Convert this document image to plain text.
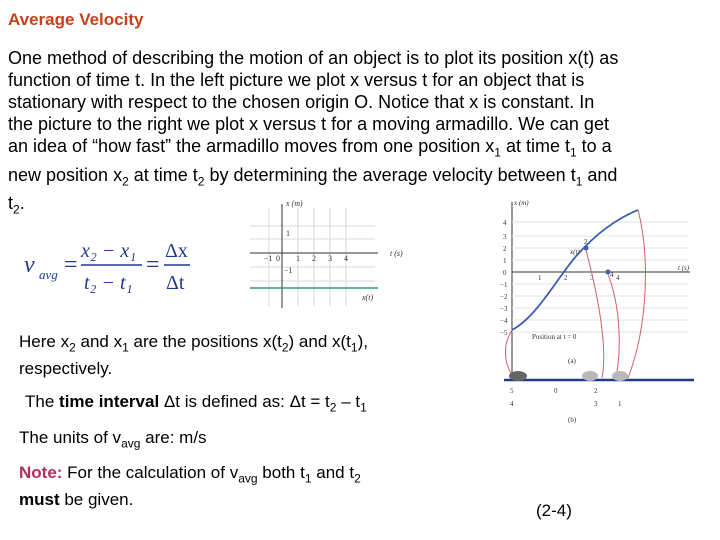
Average Velocity
One method of describing the motion of an object is to plot its position x(t) as
function of time t. In the left picture we plot x versus t for an object that is
stationary with respect to the chosen origin O. Notice that x is constant. In
the picture to the right we plot x versus t for a moving armadillo. We can get
an idea of “how fast” the armadillo moves from one position $x_1$ at time $t_1$ to a
new position $x_2$ at time $t_2$ by determining the average velocity between $t_1$ and
$t_2$.
v avg =
x₂ − x₁
t₂ − t₁
=
Δx
Δt
x (m)
t (s)
1
−1
−1 0 1 2 3 4
x(t)
x (m)
t (s)
4
3
2
1
0
−1
−2
−3
−4
−5
1	2	3	4
x(t)
2
4
Position at t = 0
(a)
5	0	2
4	3	1
(b)
Here $x_2$ and $x_1$ are the positions $x(t_2)$ and $x(t_1)$,
respectively.
The time interval Δt is defined as: $\Delta t = t_2 - t_1$
The units of $v_{avg}$ are: m/s
Note: For the calculation of $v_{avg}$ both $t_1$ and $t_2$
must be given.
(2-4)
